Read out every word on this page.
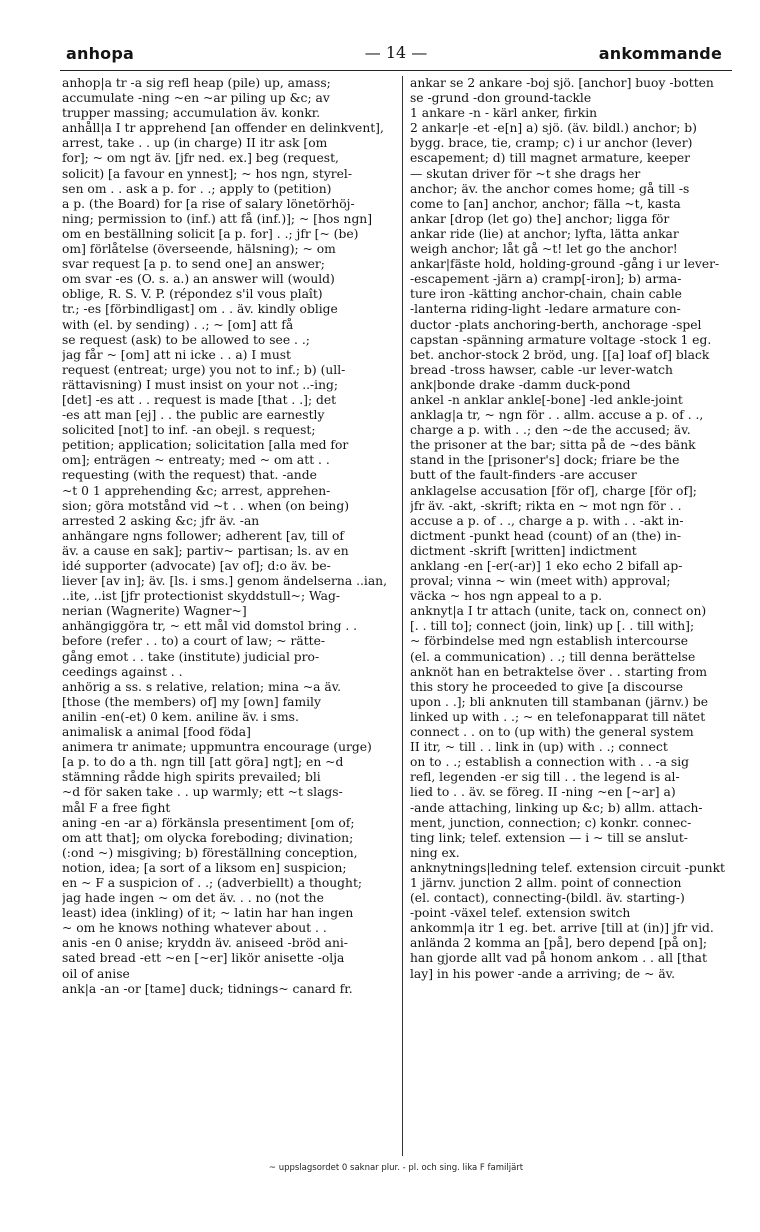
anhopa	— 14 —	ankommande
anhop|a tr -a sig refl heap (pile) up, amass;
accumulate -ning ~en ~ar piling up &c; av
trupper massing; accumulation äv. konkr.
anhåll|a I tr apprehend [an offender en delinkvent],
arrest, take . . up (in charge) II itr ask [om
for]; ~ om ngt äv. [jfr ned. ex.] beg (request,
solicit) [a favour en ynnest]; ~ hos ngn, styrel-
sen om . . ask a p. for . .; apply to (petition)
a p. (the Board) for [a rise of salary lönetörhöj-
ning; permission to (inf.) att få (inf.)]; ~ [hos ngn]
om en beställning solicit [a p. for] . .; jfr [~ (be)
om] förlåtelse (överseende, hälsning); ~ om
svar request [a p. to send one] an answer;
om svar -es (O. s. a.) an answer will (would)
oblige, R. S. V. P. (répondez s'il vous plaît)
tr.; -es [förbindligast] om . . äv. kindly oblige
with (el. by sending) . .; ~ [om] att få
se request (ask) to be allowed to see . .;
jag får ~ [om] att ni icke . . a) I must
request (entreat; urge) you not to inf.; b) (ull-
rättavisning) I must insist on your not ..-ing;
[det] -es att . . request is made [that . .]; det
-es att man [ej] . . the public are earnestly
solicited [not] to inf. -an obejl. s request;
petition; application; solicitation [alla med for
om]; enträgen ~ entreaty; med ~ om att . .
requesting (with the request) that. -ande
~t 0 1 apprehending &c; arrest, apprehen-
sion; göra motstånd vid ~t . . when (on being)
arrested 2 asking &c; jfr äv. -an
anhängare ngns follower; adherent [av, till of
äv. a cause en sak]; partiv~ partisan; ls. av en
idé supporter (advocate) [av of]; d:o äv. be-
liever [av in]; äv. [ls. i sms.] genom ändelserna ..ian,
..ite, ..ist [jfr protectionist skyddstull~; Wag-
nerian (Wagnerite) Wagner~]
anhängiggöra tr, ~ ett mål vid domstol bring . .
before (refer . . to) a court of law; ~ rätte-
gång emot . . take (institute) judicial pro-
ceedings against . .
anhörig a ss. s relative, relation; mina ~a äv.
[those (the members) of] my [own] family
anilin -en(-et) 0 kem. aniline äv. i sms.
animalisk a animal [food föda]
animera tr animate; uppmuntra encourage (urge)
[a p. to do a th. ngn till [att göra] ngt]; en ~d
stämning rådde high spirits prevailed; bli
~d för saken take . . up warmly; ett ~t slags-
mål F a free fight
aning -en -ar a) förkänsla presentiment [om of;
om att that]; om olycka foreboding; divination;
(:ond ~) misgiving; b) föreställning conception,
notion, idea; [a sort of a liksom en] suspicion;
en ~ F a suspicion of . .; (adverbiellt) a thought;
jag hade ingen ~ om det äv. . . no (not the
least) idea (inkling) of it; ~ latin har han ingen
~ om he knows nothing whatever about . .
anis -en 0 anise; kryddn äv. aniseed -bröd ani-
sated bread -ett ~en [~er] likör anisette -olja
oil of anise
ank|a -an -or [tame] duck; tidnings~ canard fr.
ankar se 2 ankare -boj sjö. [anchor] buoy -botten
se -grund -don ground-tackle
1 ankare -n - kärl anker, firkin
2 ankar|e -et -e[n] a) sjö. (äv. bildl.) anchor; b)
bygg. brace, tie, cramp; c) i ur anchor (lever)
escapement; d) till magnet armature, keeper
— skutan driver för ~t she drags her
anchor; äv. the anchor comes home; gå till -s
come to [an] anchor, anchor; fälla ~t, kasta
ankar [drop (let go) the] anchor; ligga för
ankar ride (lie) at anchor; lyfta, lätta ankar
weigh anchor; låt gå ~t! let go the anchor!
ankar|fäste hold, holding-ground -gång i ur lever-
-escapement -järn a) cramp[-iron]; b) arma-
ture iron -kätting anchor-chain, chain cable
-lanterna riding-light -ledare armature con-
ductor -plats anchoring-berth, anchorage -spel
capstan -spänning armature voltage -stock 1 eg.
bet. anchor-stock 2 bröd, ung. [[a] loaf of] black
bread -tross hawser, cable -ur lever-watch
ank|bonde drake -damm duck-pond
ankel -n anklar ankle[-bone] -led ankle-joint
anklag|a tr, ~ ngn för . . allm. accuse a p. of . .,
charge a p. with . .; den ~de the accused; äv.
the prisoner at the bar; sitta på de ~des bänk
stand in the [prisoner's] dock; friare be the
butt of the fault-finders -are accuser
anklagelse accusation [för of], charge [för of];
jfr äv. -akt, -skrift; rikta en ~ mot ngn för . .
accuse a p. of . ., charge a p. with . . -akt in-
dictment -punkt head (count) of an (the) in-
dictment -skrift [written] indictment
anklang -en [-er(-ar)] 1 eko echo 2 bifall ap-
proval; vinna ~ win (meet with) approval;
väcka ~ hos ngn appeal to a p.
anknyt|a I tr attach (unite, tack on, connect on)
[. . till to]; connect (join, link) up [. . till with];
~ förbindelse med ngn establish intercourse
(el. a communication) . .; till denna berättelse
anknöt han en betraktelse över . . starting from
this story he proceeded to give [a discourse
upon . .]; bli anknuten till stambanan (järnv.) be
linked up with . .; ~ en telefonapparat till nätet
connect . . on to (up with) the general system
II itr, ~ till . . link in (up) with . .; connect
on to . .; establish a connection with . . -a sig
refl, legenden -er sig till . . the legend is al-
lied to . . äv. se föreg. II -ning ~en [~ar] a)
-ande attaching, linking up &c; b) allm. attach-
ment, junction, connection; c) konkr. connec-
ting link; telef. extension — i ~ till se anslut-
ning ex.
anknytnings|ledning telef. extension circuit -punkt
1 järnv. junction 2 allm. point of connection
(el. contact), connecting-(bildl. äv. starting-)
-point -växel telef. extension switch
ankomm|a itr 1 eg. bet. arrive [till at (in)] jfr vid.
anlända 2 komma an [på], bero depend [på on];
han gjorde allt vad på honom ankom . . all [that
lay] in his power -ande a arriving; de ~ äv.
~ uppslagsordet 0 saknar plur. - pl. och sing. lika F familjärt
